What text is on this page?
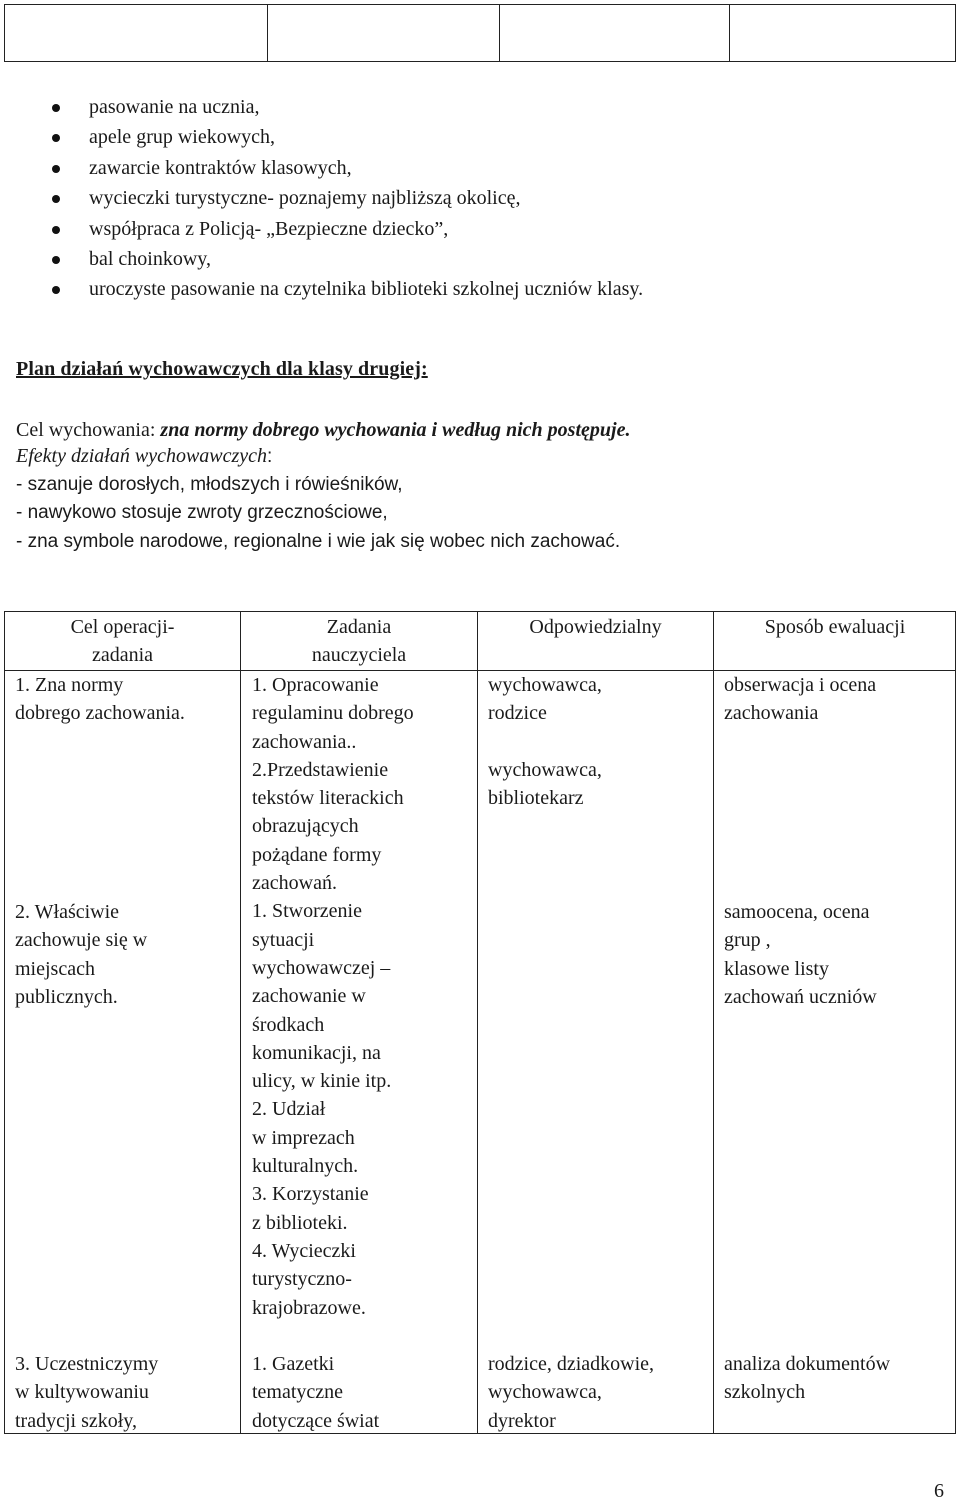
pasowanie na ucznia,
apele grup wiekowych,
zawarcie kontraktów klasowych,
wycieczki turystyczne- poznajemy najbliższą okolicę,
współpraca z Policją- „Bezpieczne dziecko”,
bal choinkowy,
uroczyste pasowanie na czytelnika biblioteki szkolnej uczniów klasy.
Plan działań wychowawczych dla klasy drugiej:
Cel wychowania: zna normy dobrego wychowania i według nich postępuje.
Efekty działań wychowawczych:
- szanuje dorosłych, młodszych i rówieśników,
- nawykowo stosuje zwroty grzecznościowe,
- zna symbole narodowe, regionalne i wie jak się wobec nich zachować.
Cel operacji-
zadania
Zadania
nauczyciela
Odpowiedzialny	Sposób ewaluacji
1. Zna normy
dobrego zachowania.
2. Właściwie
zachowuje się w
miejscach
publicznych.
3. Uczestniczymy
w kultywowaniu
tradycji szkoły,
1. Opracowanie
regulaminu dobrego
zachowania..
2.Przedstawienie
tekstów literackich
obrazujących
pożądane formy
zachowań.
1. Stworzenie
sytuacji
wychowawczej –
zachowanie w
środkach
komunikacji, na
ulicy, w kinie itp.
2. Udział
w imprezach
kulturalnych.
3. Korzystanie
z biblioteki.
4. Wycieczki
turystyczno-
krajobrazowe.
1. Gazetki
tematyczne
dotyczące świat
wychowawca,
rodzice
wychowawca,
bibliotekarz
rodzice, dziadkowie,
wychowawca,
dyrektor
obserwacja i ocena
zachowania
samoocena, ocena
grup ,
klasowe listy
zachowań uczniów
analiza dokumentów
szkolnych
6
